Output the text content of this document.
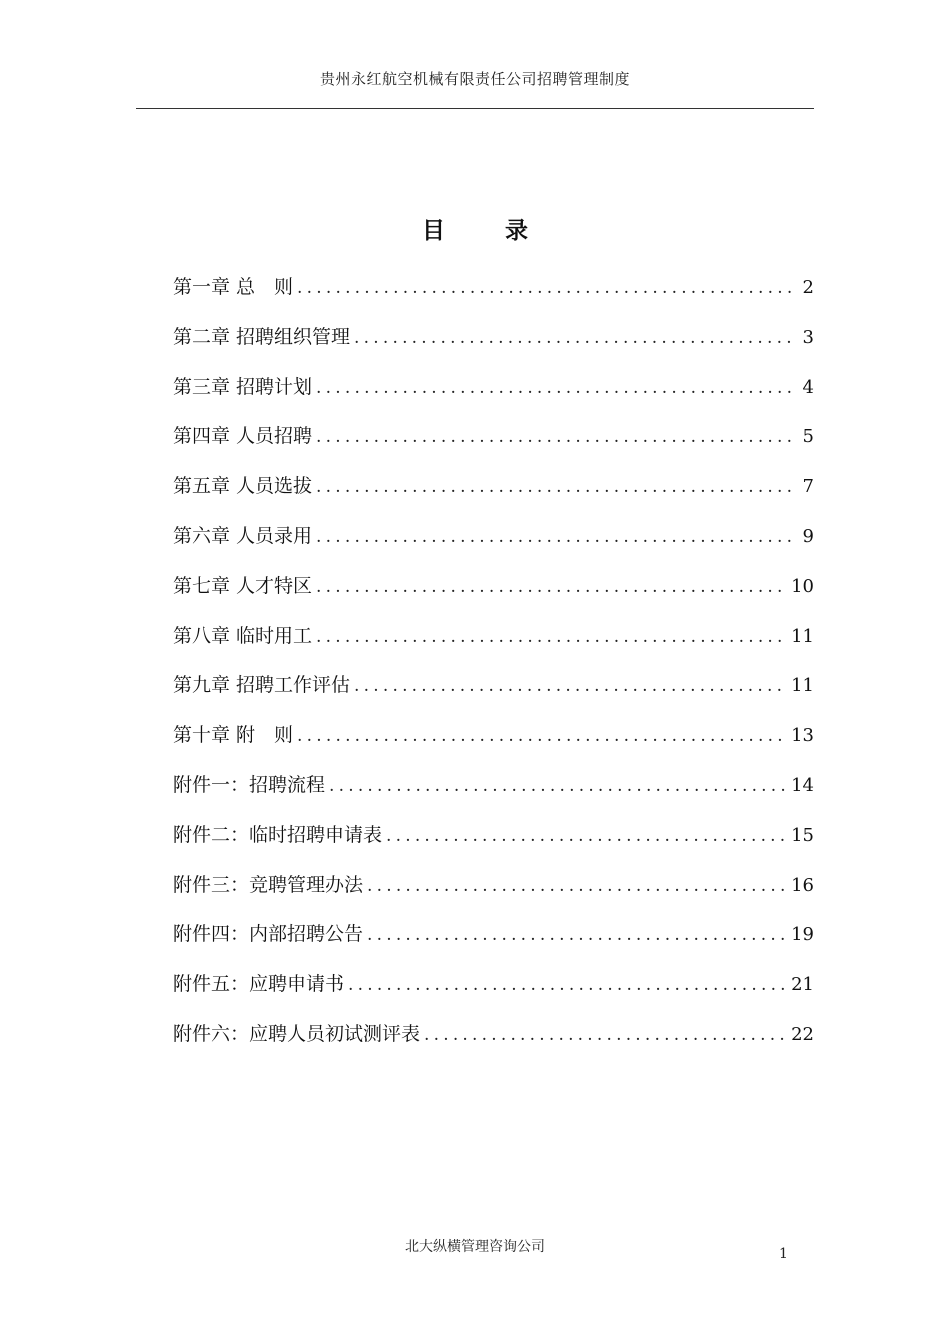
贵州永红航空机械有限责任公司招聘管理制度
目 录
第一章 总　则 .....	2
第二章 招聘组织管理 .....	3
第三章 招聘计划 .....	4
第四章 人员招聘 .....	5
第五章 人员选拔 .....	7
第六章 人员录用 .....	9
第七章 人才特区 .....	10
第八章 临时用工 .....	11
第九章 招聘工作评估 .....	11
第十章 附　则 .....	13
附件一：招聘流程 .....	14
附件二：临时招聘申请表 .....	15
附件三：竞聘管理办法 .....	16
附件四：内部招聘公告 .....	19
附件五：应聘申请书 .....	21
附件六：应聘人员初试测评表 .....	22
北大纵横管理咨询公司	1
